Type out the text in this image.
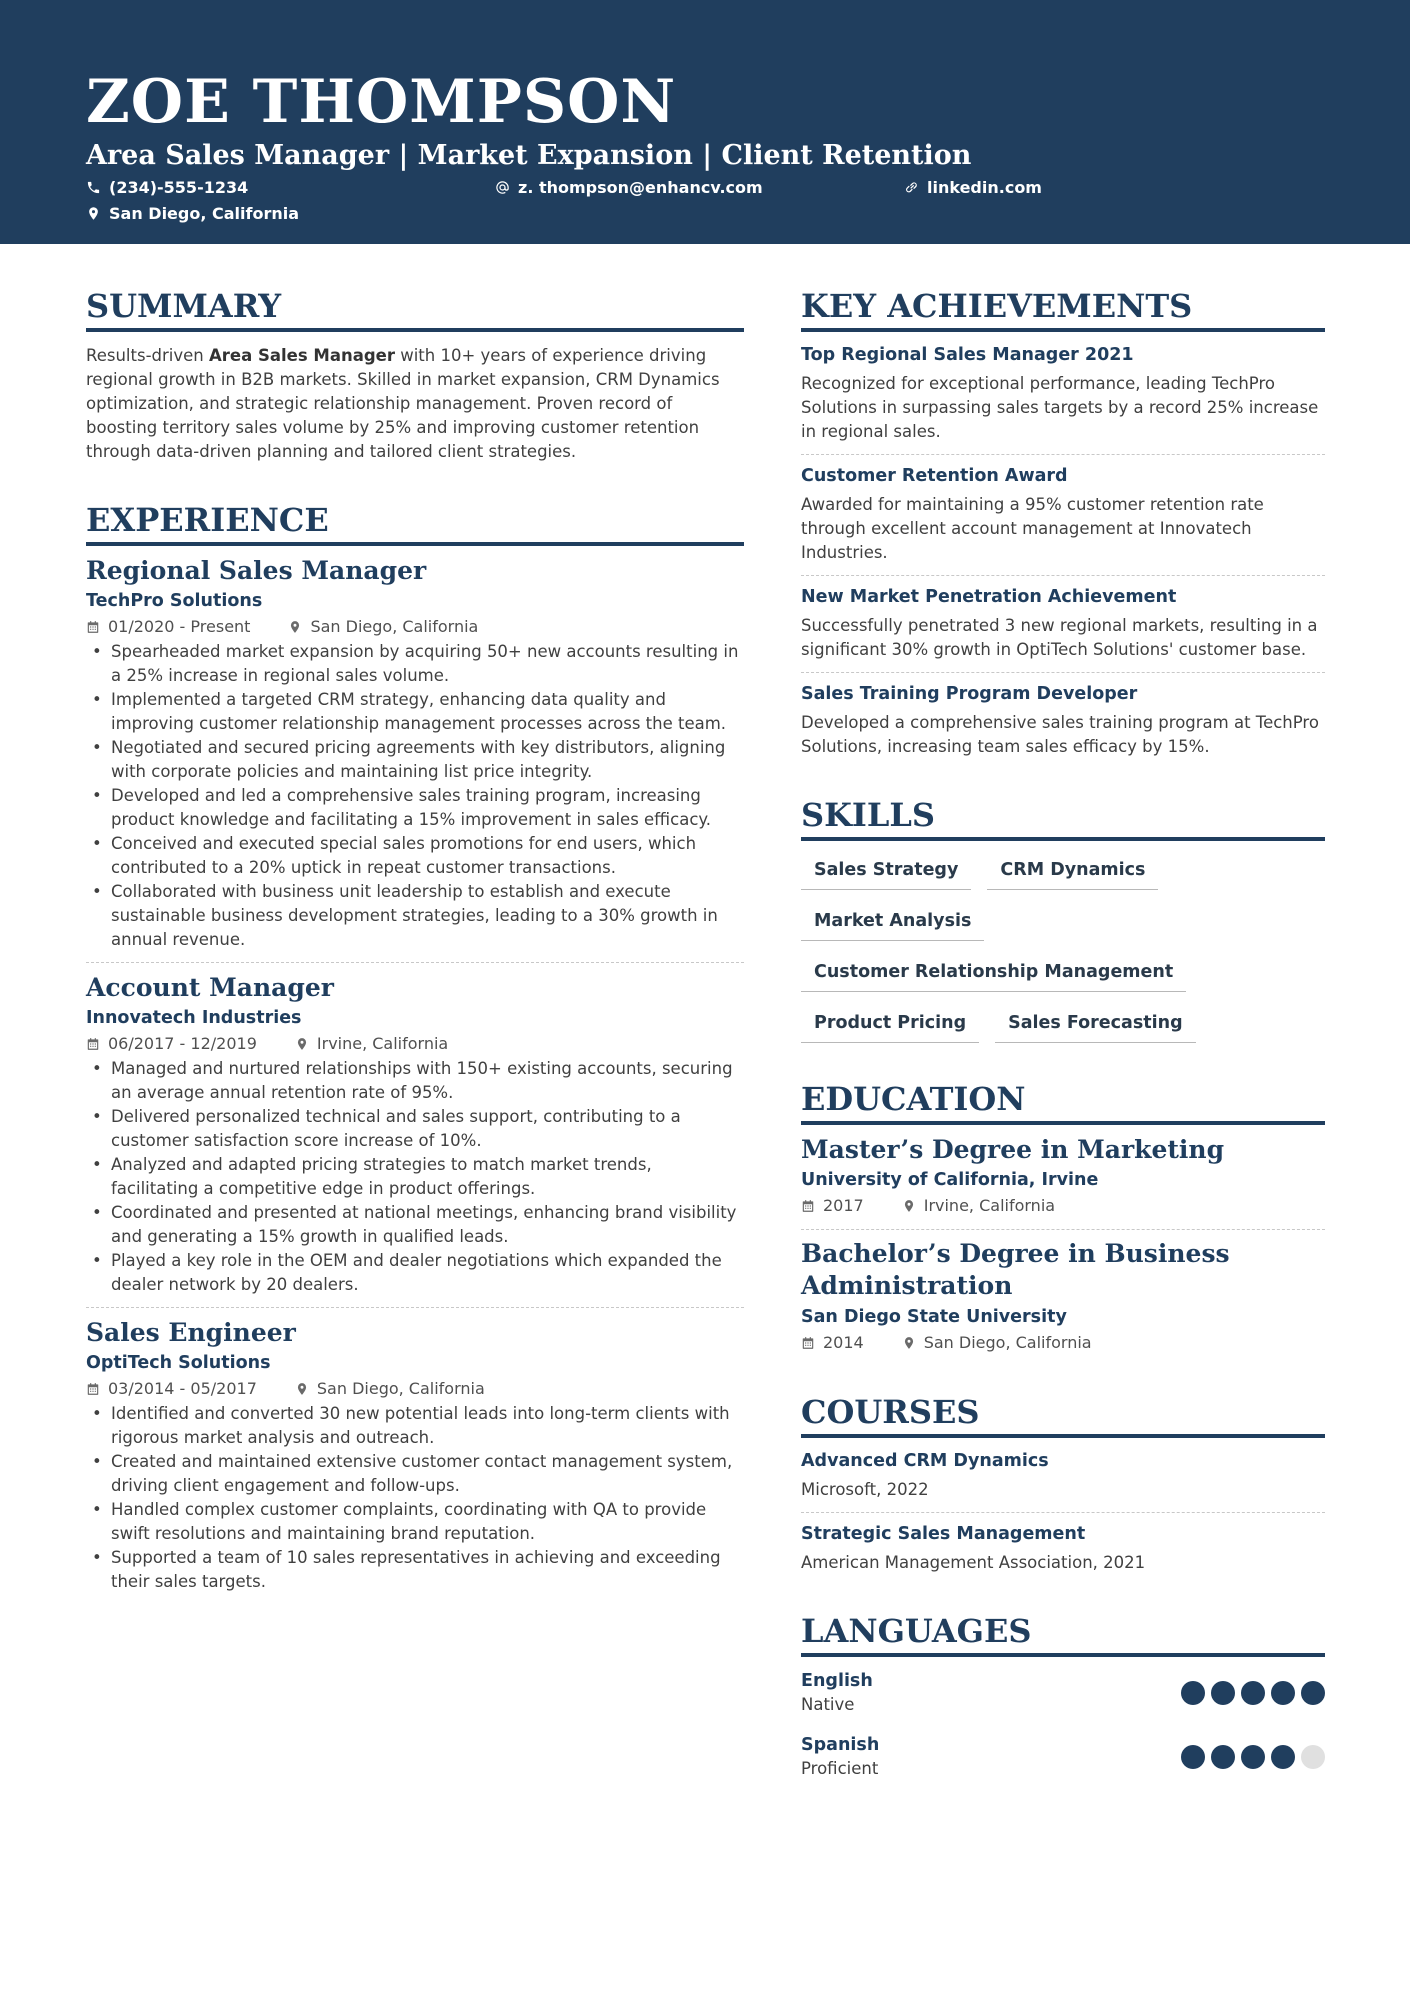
ZOE THOMPSON
Area Sales Manager | Market Expansion | Client Retention
(234)-555-1234	z. thompson@enhancv.com	linkedin.com
San Diego, California
SUMMARY

Results-driven Area Sales Manager with 10+ years of experience driving regional growth in B2B markets. Skilled in market expansion, CRM Dynamics optimization, and strategic relationship management. Proven record of boosting territory sales volume by 25% and improving customer retention through data-driven planning and tailored client strategies.

EXPERIENCE
Regional Sales Manager

TechPro Solutions

01/2020 - Present	San Diego, California
• Spearheaded market expansion by acquiring 50+ new accounts resulting in a 25% increase in regional sales volume.
• Implemented a targeted CRM strategy, enhancing data quality and improving customer relationship management processes across the team.
• Negotiated and secured pricing agreements with key distributors, aligning with corporate policies and maintaining list price integrity.
• Developed and led a comprehensive sales training program, increasing product knowledge and facilitating a 15% improvement in sales efficacy.
• Conceived and executed special sales promotions for end users, which contributed to a 20% uptick in repeat customer transactions.
• Collaborated with business unit leadership to establish and execute sustainable business development strategies, leading to a 30% growth in annual revenue.
Account Manager

Innovatech Industries

06/2017 - 12/2019	Irvine, California
• Managed and nurtured relationships with 150+ existing accounts, securing an average annual retention rate of 95%.
• Delivered personalized technical and sales support, contributing to a customer satisfaction score increase of 10%.
• Analyzed and adapted pricing strategies to match market trends, facilitating a competitive edge in product offerings.
• Coordinated and presented at national meetings, enhancing brand visibility and generating a 15% growth in qualified leads.
• Played a key role in the OEM and dealer negotiations which expanded the dealer network by 20 dealers.
Sales Engineer

OptiTech Solutions

03/2014 - 05/2017	San Diego, California
• Identified and converted 30 new potential leads into long-term clients with rigorous market analysis and outreach.
• Created and maintained extensive customer contact management system, driving client engagement and follow-ups.
• Handled complex customer complaints, coordinating with QA to provide swift resolutions and maintaining brand reputation.
• Supported a team of 10 sales representatives in achieving and exceeding their sales targets.
KEY ACHIEVEMENTS

Top Regional Sales Manager 2021

Recognized for exceptional performance, leading TechPro Solutions in surpassing sales targets by a record 25% increase in regional sales.

Customer Retention Award

Awarded for maintaining a 95% customer retention rate through excellent account management at Innovatech Industries.

New Market Penetration Achievement

Successfully penetrated 3 new regional markets, resulting in a significant 30% growth in OptiTech Solutions' customer base.

Sales Training Program Developer

Developed a comprehensive sales training program at TechPro Solutions, increasing team sales efficacy by 15%.

SKILLS
Sales Strategy	CRM Dynamics
Market Analysis
Customer Relationship Management
Product Pricing	Sales Forecasting
EDUCATION
Master’s Degree in Marketing

University of California, Irvine

2017	Irvine, California
Bachelor’s Degree in Business Administration

San Diego State University

2014	San Diego, California
COURSES

Advanced CRM Dynamics

Microsoft, 2022

Strategic Sales Management

American Management Association, 2021

LANGUAGES
English
Native
Spanish
Proficient
